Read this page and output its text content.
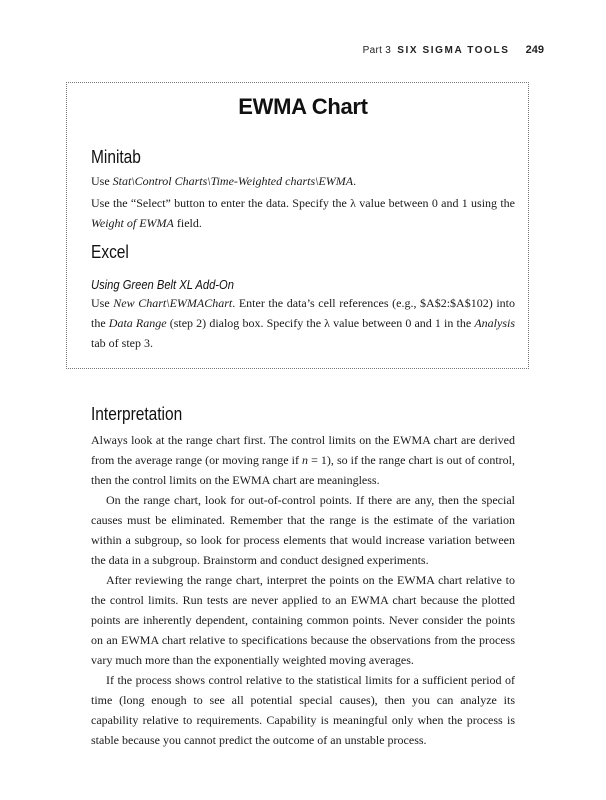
Part 3 SIX SIGMA TOOLS 249
EWMA Chart
Minitab

Use Stat\Control Charts\Time-Weighted charts\EWMA.

Use the “Select” button to enter the data. Specify the λ value between 0 and 1 using the Weight of EWMA field.

Excel
Using Green Belt XL Add-On

Use New Chart\EWMAChart. Enter the data’s cell references (e.g., $A$2:$A$102) into the Data Range (step 2) dialog box. Specify the λ value between 0 and 1 in the Analysis tab of step 3.

Interpretation

Always look at the range chart first. The control limits on the EWMA chart are derived from the average range (or moving range if n = 1), so if the range chart is out of control, then the control limits on the EWMA chart are meaningless.

On the range chart, look for out-of-control points. If there are any, then the special causes must be eliminated. Remember that the range is the estimate of the variation within a subgroup, so look for process elements that would increase variation between the data in a subgroup. Brainstorm and conduct designed experiments.

After reviewing the range chart, interpret the points on the EWMA chart relative to the control limits. Run tests are never applied to an EWMA chart because the plotted points are inherently dependent, containing common points. Never consider the points on an EWMA chart relative to specifications because the observations from the process vary much more than the exponentially weighted moving averages.

If the process shows control relative to the statistical limits for a sufficient period of time (long enough to see all potential special causes), then you can analyze its capability relative to requirements. Capability is meaningful only when the process is stable because you cannot predict the outcome of an unstable process.
